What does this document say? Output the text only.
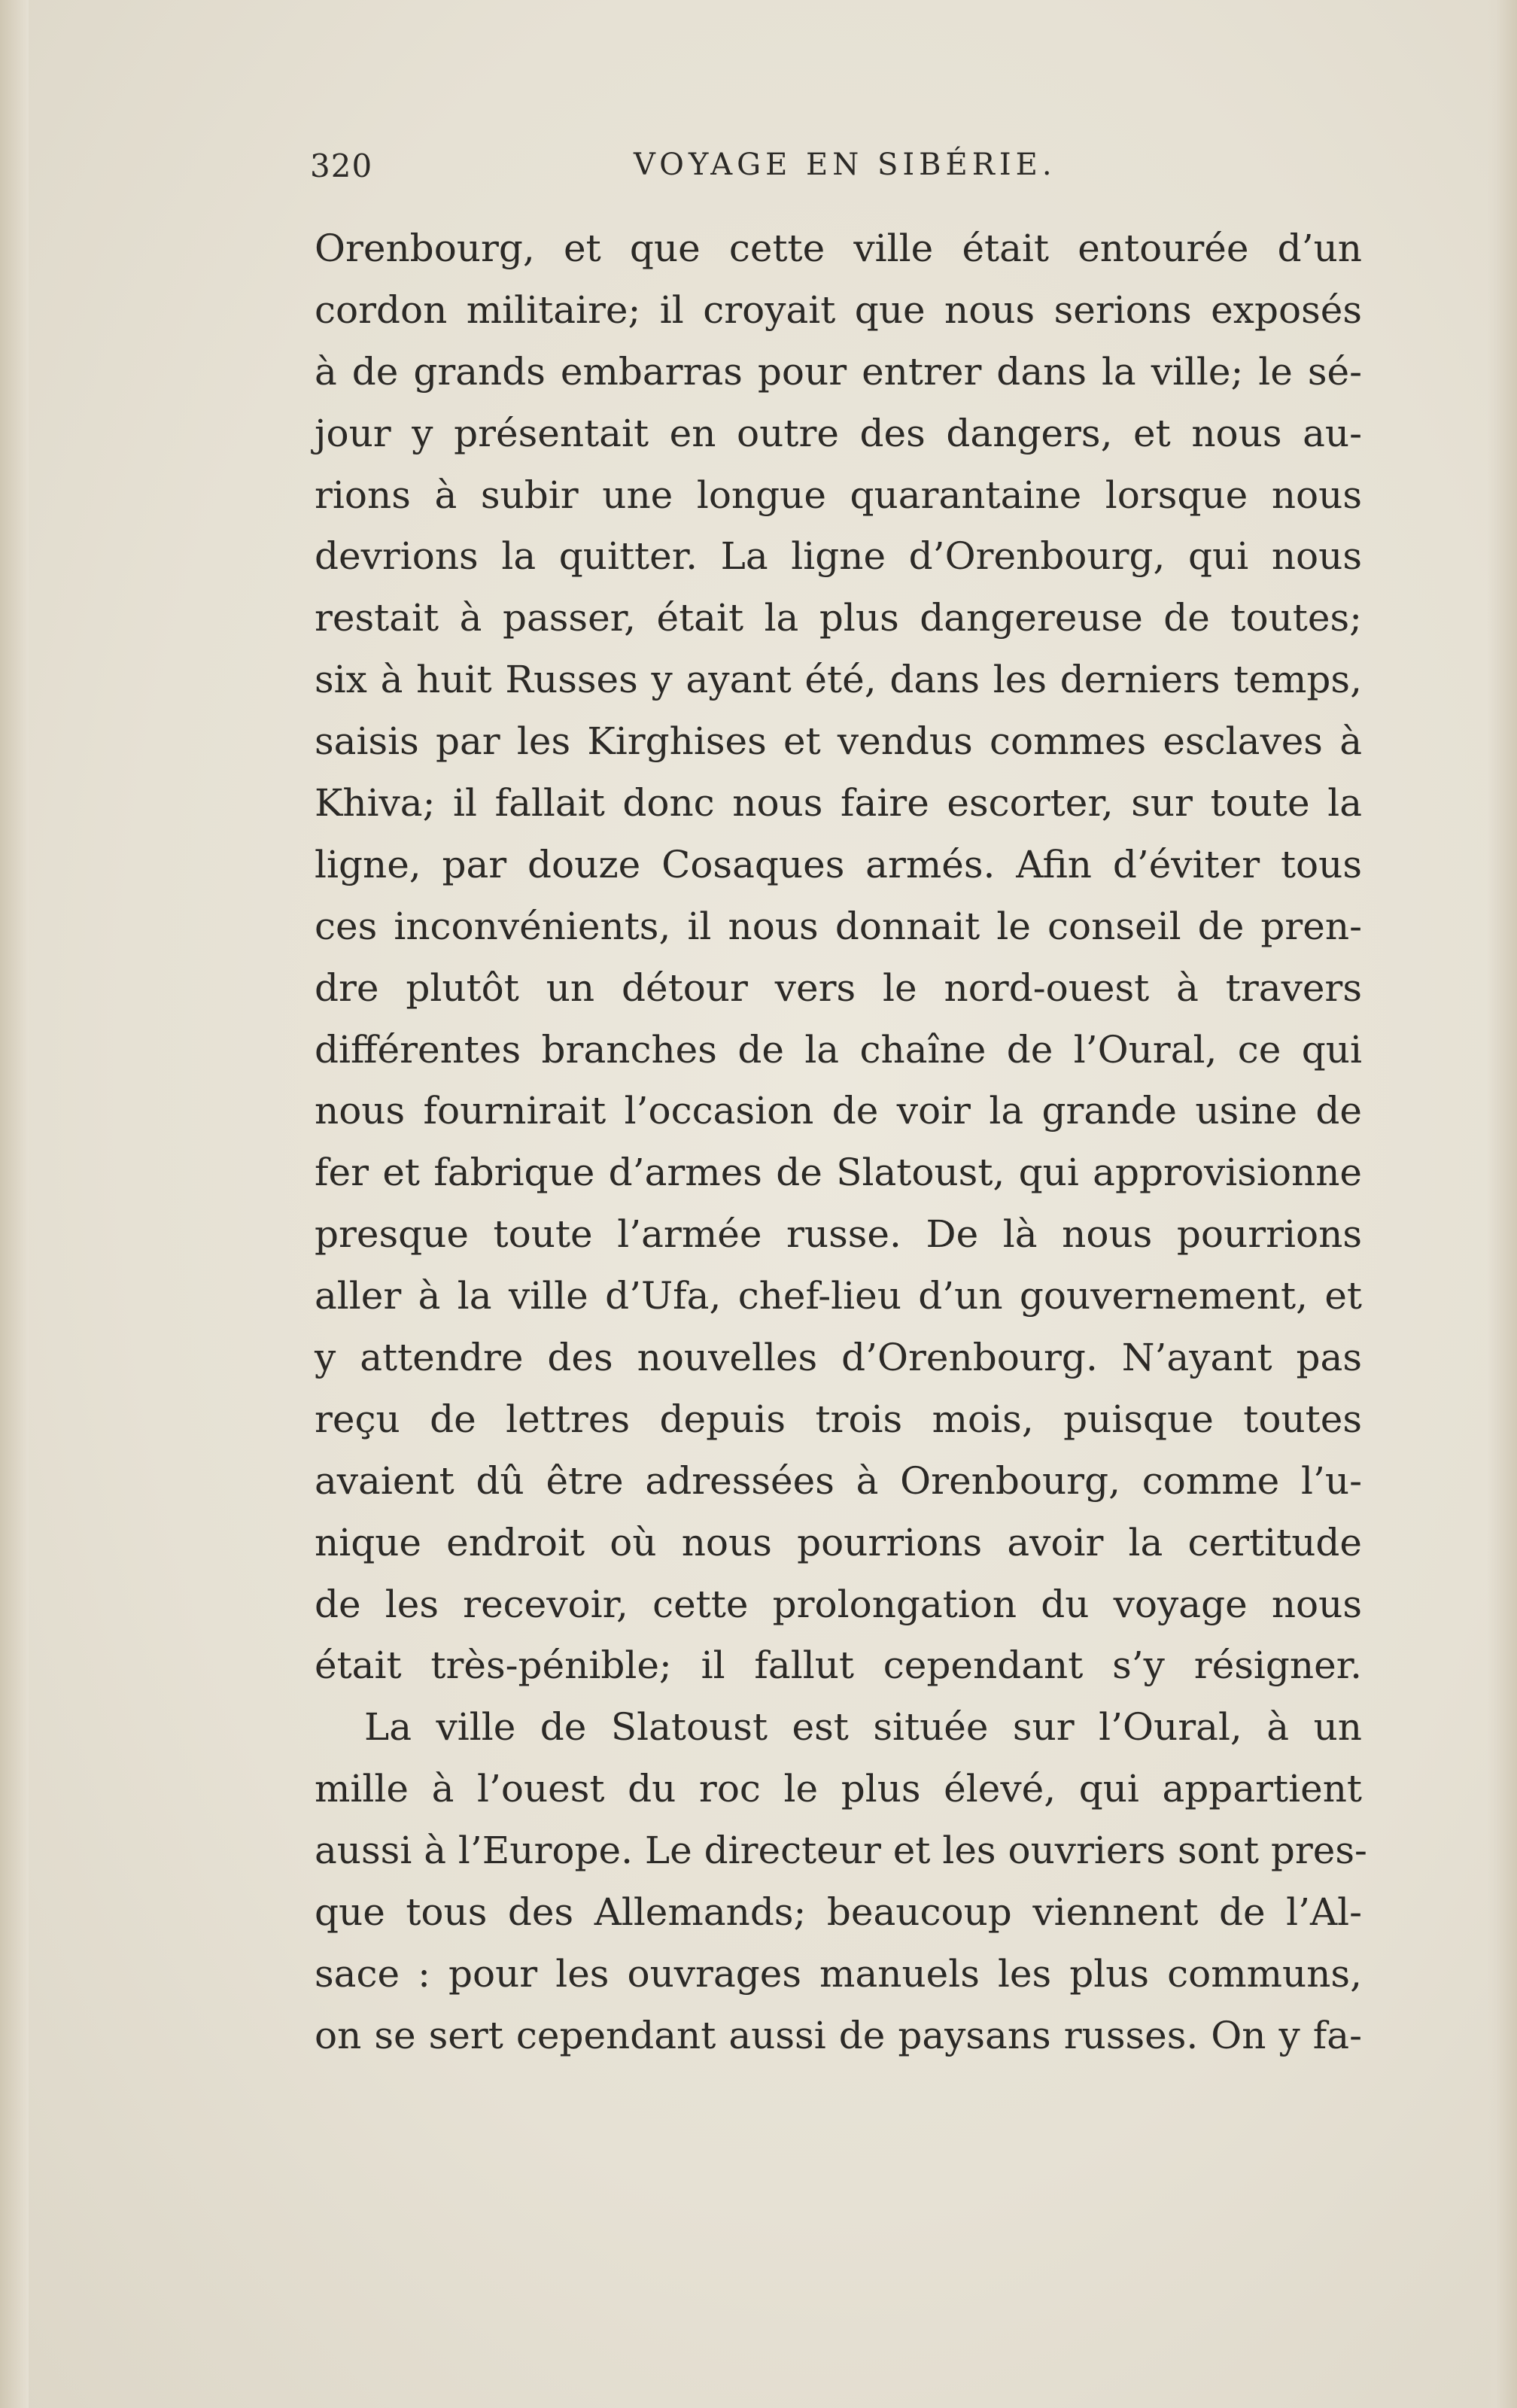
320	VOYAGE EN SIBÉRIE.
Orenbourg, et que cette ville était entourée d’un
cordon militaire; il croyait que nous serions exposés
à de grands embarras pour entrer dans la ville; le sé-
jour y présentait en outre des dangers, et nous au-
rions à subir une longue quarantaine lorsque nous
devrions la quitter. La ligne d’Orenbourg, qui nous
restait à passer, était la plus dangereuse de toutes;
six à huit Russes y ayant été, dans les derniers temps,
saisis par les Kirghises et vendus commes esclaves à
Khiva; il fallait donc nous faire escorter, sur toute la
ligne, par douze Cosaques armés. Afin d’éviter tous
ces inconvénients, il nous donnait le conseil de pren-
dre plutôt un détour vers le nord-ouest à travers
différentes branches de la chaîne de l’Oural, ce qui
nous fournirait l’occasion de voir la grande usine de
fer et fabrique d’armes de Slatoust, qui approvisionne
presque toute l’armée russe. De là nous pourrions
aller à la ville d’Ufa, chef-lieu d’un gouvernement, et
y attendre des nouvelles d’Orenbourg. N’ayant pas
reçu de lettres depuis trois mois, puisque toutes
avaient dû être adressées à Orenbourg, comme l’u-
nique endroit où nous pourrions avoir la certitude
de les recevoir, cette prolongation du voyage nous
était très-pénible; il fallut cependant s’y résigner.
La ville de Slatoust est située sur l’Oural, à un
mille à l’ouest du roc le plus élevé, qui appartient
aussi à l’Europe. Le directeur et les ouvriers sont pres-
que tous des Allemands; beaucoup viennent de l’Al-
sace : pour les ouvrages manuels les plus communs,
on se sert cependant aussi de paysans russes. On y fa-
